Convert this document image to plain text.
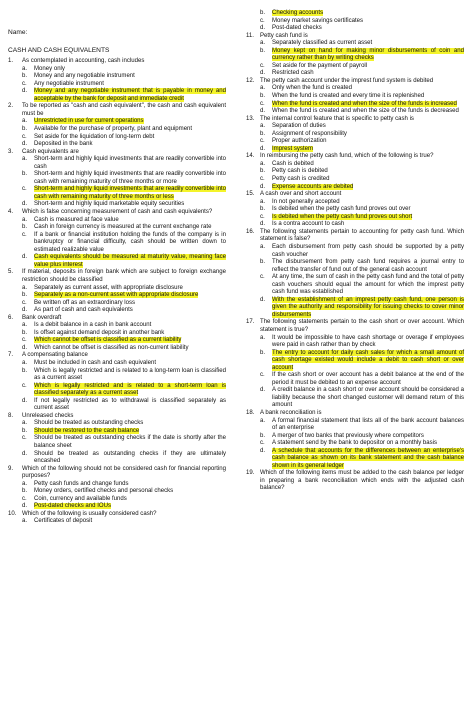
Name:
CASH AND CASH EQUIVALENTS
1.	As contemplated in accounting, cash includes
a.	Money only
b.	Money and any negotiable instrument
c.	Any negotiable instrument
d.	Money and any negotiable instrument that is payable in money and acceptable by the bank for deposit and immediate credit
2.	To be reported as "cash and cash equivalent", the cash and cash equivalent must be
a.	Unrestricted in use for current operations
b.	Available for the purchase of property, plant and equipment
c.	Set aside for the liquidation of long-term debt
d.	Deposited in the bank
3.	Cash equivalents are
a.	Short-term and highly liquid investments that are readily convertible into cash
b.	Short-term and highly liquid investments that are readily convertible into cash with remaining maturity of three months or more
c.	Short-term and highly liquid investments that are readily convertible into cash with remaining maturity of three months or less
d.	Short-term and highly liquid marketable equity securities
4.	Which is false concerning measurement of cash and cash equivalents?
a.	Cash is measured at face value
b.	Cash in foreign currency is measured at the current exchange rate
c.	If a bank or financial institution holding the funds of the company is in bankruptcy or financial difficulty, cash should be written down to estimated realizable value
d.	Cash equivalents should be measured at maturity value, meaning face value plus interest
5.	If material, deposits in foreign bank which are subject to foreign exchange restriction should be classified
a.	Separately as current asset, with appropriate disclosure
b.	Separately as a non-current asset with appropriate disclosure
c.	Be written off as an extraordinary loss
d.	As part of cash and cash equivalents
6.	Bank overdraft
a.	Is a debit balance in a cash in bank account
b.	Is offset against demand deposit in another bank
c.	Which cannot be offset is classified as a current liability
d.	Which cannot be offset is classified as non-current liability
7.	A compensating balance
a.	Must be included in cash and cash equivalent
b.	Which is legally restricted and is related to a long-term loan is classified as a current asset
c.	Which is legally restricted and is related to a short-term loan is classified separately as a current asset
d.	If not legally restricted as to withdrawal is classified separately as current asset
8.	Unreleased checks
a.	Should be treated as outstanding checks
b.	Should be restored to the cash balance
c.	Should be treated as outstanding checks if the date is shortly after the balance sheet
d.	Should be treated as outstanding checks if they are ultimately encashed
9.	Which of the following should not be considered cash for financial reporting purposes?
a.	Petty cash funds and change funds
b.	Money orders, certified checks and personal checks
c.	Coin, currency and available funds
d.	Post-dated checks and IOUs
10. Which of the following is usually considered cash?
a.	Certificates of deposit
b.	Checking accounts
c.	Money market savings certificates
d.	Post-dated checks
11. Petty cash fund is
a.	Separately classified as current asset
b.	Money kept on hand for making minor disbursements of coin and currency rather than by writing checks
c.	Set aside for the payment of payroll
d.	Restricted cash
12. The petty cash account under the imprest fund system is debited
a.	Only when the fund is created
b.	When the fund is created and every time it is replenished
c.	When the fund is created and when the size of the funds is increased
d.	When the fund is created and when the size of the funds is decreased
13. The internal control feature that is specific to petty cash is
a.	Separation of duties
b.	Assignment of responsibility
c.	Proper authorization
d.	Imprest system
14. In reimbursing the petty cash fund, which of the following is true?
a.	Cash is debited
b.	Petty cash is debited
c.	Petty cash is credited
d.	Expense accounts are debited
15. A cash over and short account
a.	In not generally accepted
b.	Is debited when the petty cash fund proves out over
c.	Is debited when the petty cash fund proves out short
d.	Is a contra account to cash
16. The following statements pertain to accounting for petty cash fund. Which statement is false?
a.	Each disbursement from petty cash should be supported by a petty cash voucher
b.	The disbursement from petty cash fund requires a journal entry to reflect the transfer of fund out of the general cash account
c.	At any time, the sum of cash in the petty cash fund and the total of petty cash vouchers should equal the amount for which the imprest petty cash fund was established
d.	With the establishment of an imprest petty cash fund, one person is given the authority and responsibility for issuing checks to cover minor disbursements
17. The following statements pertain to the cash short or over account. Which statement is true?
a.	It would be impossible to have cash shortage or overage if employees were paid in cash rather than by check
b.	The entry to account for daily cash sales for which a small amount of cash shortage existed would include a debit to cash short or over account
c.	If the cash short or over account has a debit balance at the end of the period it must be debited to an expense account
d.	A credit balance in a cash short or over account should be considered a liability because the short changed customer will demand return of this amount
18. A bank reconciliation is
a.	A formal financial statement that lists all of the bank account balances of an enterprise
b.	A merger of two banks that previously where competitors
c.	A statement send by the bank to depositor on a monthly basis
d.	A schedule that accounts for the differences between an enterprise's cash balance as shown on its bank statement and the cash balance shown in its general ledger
19. Which of the following items must be added to the cash balance per ledger in preparing a bank reconciliation which ends with the adjusted cash balance?
